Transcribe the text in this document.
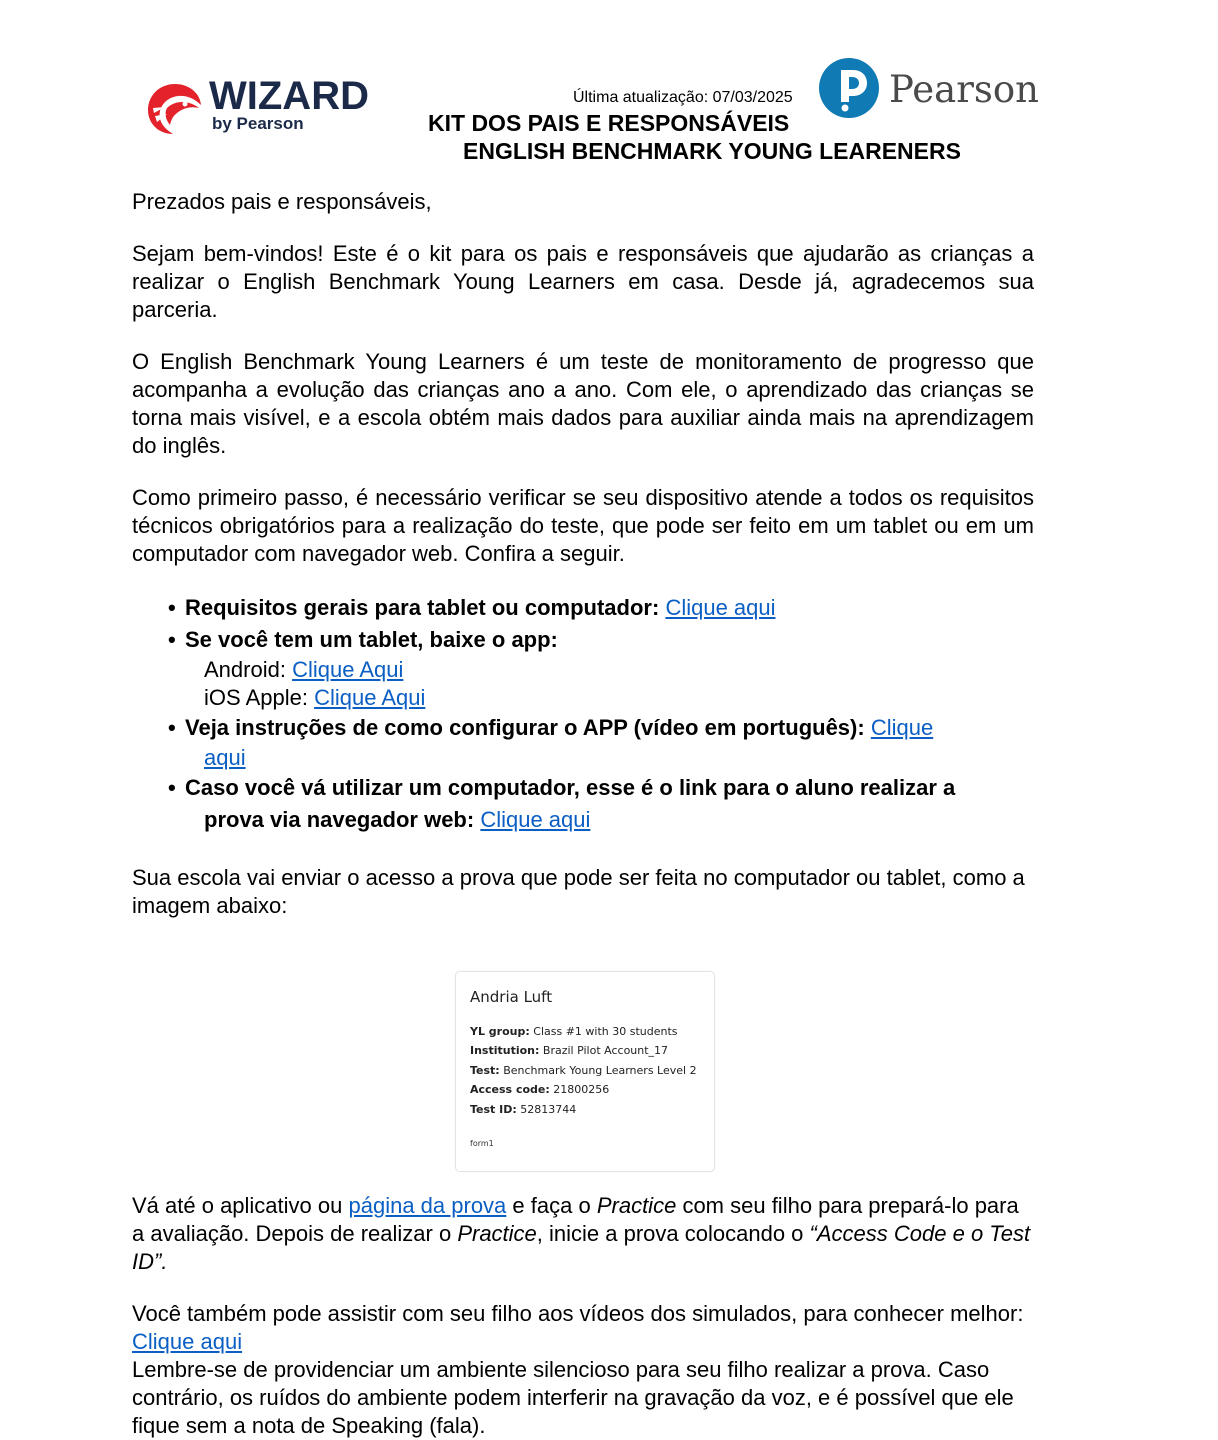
WIZARD
by Pearson
Pearson
Última atualização: 07/03/2025
KIT DOS PAIS E RESPONSÁVEIS
ENGLISH BENCHMARK YOUNG LEARENERS

Prezados pais e responsáveis,

Sejam bem-vindos! Este é o kit para os pais e responsáveis que ajudarão as crianças a realizar o English Benchmark Young Learners em casa. Desde já, agradecemos sua parceria.

O English Benchmark Young Learners é um teste de monitoramento de progresso que acompanha a evolução das crianças ano a ano. Com ele, o aprendizado das crianças se torna mais visível, e a escola obtém mais dados para auxiliar ainda mais na aprendizagem do inglês.

Como primeiro passo, é necessário verificar se seu dispositivo atende a todos os requisitos técnicos obrigatórios para a realização do teste, que pode ser feito em um tablet ou em um computador com navegador web. Confira a seguir.

• Requisitos gerais para tablet ou computador: Clique aqui
• Se você tem um tablet, baixe o app:
Android: Clique Aqui
iOS Apple: Clique Aqui
• Veja instruções de como configurar o APP (vídeo em português): Clique
aqui
• Caso você vá utilizar um computador, esse é o link para o aluno realizar a
prova via navegador web: Clique aqui

Sua escola vai enviar o acesso a prova que pode ser feita no computador ou tablet, como a imagem abaixo:

Andria Luft
YL group: Class #1 with 30 students
Institution: Brazil Pilot Account_17
Test: Benchmark Young Learners Level 2
Access code: 21800256
Test ID: 52813744
form1

Vá até o aplicativo ou página da prova e faça o Practice com seu filho para prepará-lo para a avaliação. Depois de realizar o Practice, inicie a prova colocando o “Access Code e o Test ID”.

Você também pode assistir com seu filho aos vídeos dos simulados, para conhecer melhor: Clique aqui

Lembre-se de providenciar um ambiente silencioso para seu filho realizar a prova. Caso contrário, os ruídos do ambiente podem interferir na gravação da voz, e é possível que ele fique sem a nota de Speaking (fala).
